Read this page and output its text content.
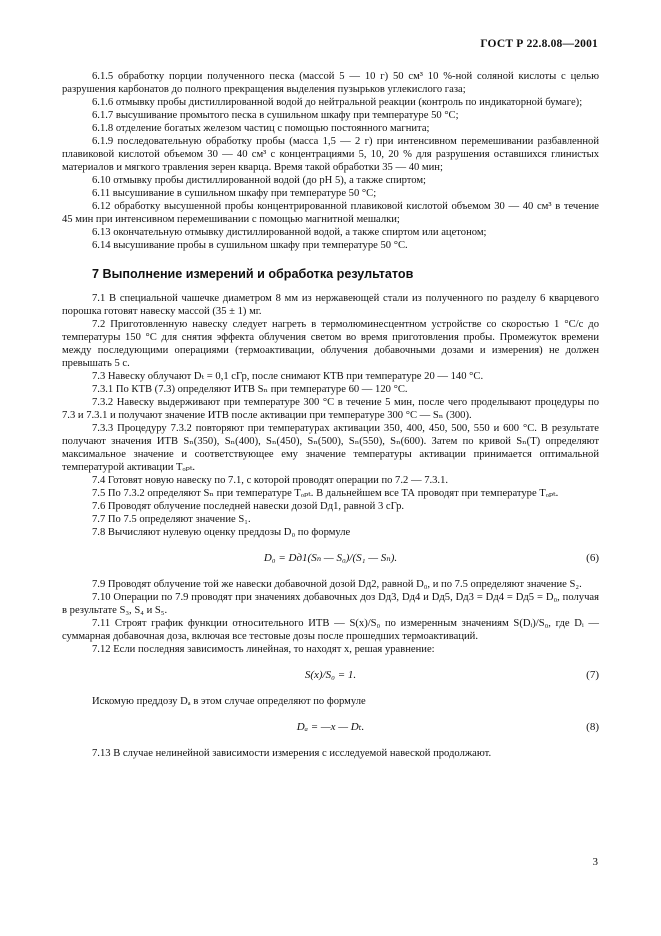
ГОСТ Р 22.8.08—2001

6.1.5 обработку порции полученного песка (массой 5 — 10 г) 50 см³ 10 %-ной соляной кислоты с целью разрушения карбонатов до полного прекращения выделения пузырьков углекислого газа;

6.1.6 отмывку пробы дистиллированной водой до нейтральной реакции (контроль по индикаторной бумаге);

6.1.7 высушивание промытого песка в сушильном шкафу при температуре 50 °С;

6.1.8 отделение богатых железом частиц с помощью постоянного магнита;

6.1.9 последовательную обработку пробы (масса 1,5 — 2 г) при интенсивном перемешивании разбавленной плавиковой кислотой объемом 30 — 40 см³ с концентрациями 5, 10, 20 % для разрушения оставшихся глинистых материалов и мягкого травления зерен кварца. Время такой обработки 35 — 40 мин;

6.10 отмывку пробы дистиллированной водой (до рН 5), а также спиртом;

6.11 высушивание в сушильном шкафу при температуре 50 °С;

6.12 обработку высушенной пробы концентрированной плавиковой кислотой объемом 30 — 40 см³ в течение 45 мин при интенсивном перемешивании с помощью магнитной мешалки;

6.13 окончательную отмывку дистиллированной водой, а также спиртом или ацетоном;

6.14 высушивание пробы в сушильном шкафу при температуре 50 °С.

7 Выполнение измерений и обработка результатов

7.1 В специальной чашечке диаметром 8 мм из нержавеющей стали из полученного по разделу 6 кварцевого порошка готовят навеску массой (35 ± 1) мг.

7.2 Приготовленную навеску следует нагреть в термолюминесцентном устройстве со скоростью 1 °С/с до температуры 150 °С для снятия эффекта облучения светом во время приготовления пробы. Промежуток времени между последующими операциями (термоактивации, облучения добавочными дозами и измерения) не должен превышать 5 с.

7.3 Навеску облучают Dₜ = 0,1 сГр, после снимают КТВ при температуре 20 — 140 °С.

7.3.1 По КТВ (7.3) определяют ИТВ Sₙ при температуре 60 — 120 °С.

7.3.2 Навеску выдерживают при температуре 300 °С в течение 5 мин, после чего проделывают процедуры по 7.3 и 7.3.1 и получают значение ИТВ после активации при температуре 300 °С — Sₙ (300).

7.3.3 Процедуру 7.3.2 повторяют при температурах активации 350, 400, 450, 500, 550 и 600 °С. В результате получают значения ИТВ Sₙ(350), Sₙ(400), Sₙ(450), Sₙ(500), Sₙ(550), Sₙ(600). Затем по кривой Sₙ(T) определяют максимальное значение и соответствующее ему значение температуры активации принимается оптимальной температурой активации Tₒₚₜ.

7.4 Готовят новую навеску по 7.1, с которой проводят операции по 7.2 — 7.3.1.

7.5 По 7.3.2 определяют Sₙ при температуре Tₒₚₜ. В дальнейшем все ТА проводят при температуре Tₒₚₜ.

7.6 Проводят облучение последней навески дозой Dд1, равной 3 сГр.

7.7 По 7.5 определяют значение S₁.

7.8 Вычисляют нулевую оценку преддозы D₀ по формуле

D₀ = Dд1(Sₙ — S₀)/(S₁ — Sₙ).	(6)

7.9 Проводят облучение той же навески добавочной дозой Dд2, равной D₀, и по 7.5 определяют значение S₂.

7.10 Операции по 7.9 проводят при значениях добавочных доз Dд3, Dд4 и Dд5, Dд3 = Dд4 = Dд5 = D₀, получая в результате S₃, S₄ и S₅.

7.11 Строят график функции относительного ИТВ — S(x)/S₀ по измеренным значениям S(Dᵢ)/S₀, где Dᵢ — суммарная добавочная доза, включая все тестовые дозы после прошедших термоактиваций.

7.12 Если последняя зависимость линейная, то находят x, решая уравнение:

S(x)/S₀ = 1.	(7)

Искомую преддозу Dₐ в этом случае определяют по формуле

Dₐ = —x — Dₜ.	(8)

7.13 В случае нелинейной зависимости измерения с исследуемой навеской продолжают.

3
